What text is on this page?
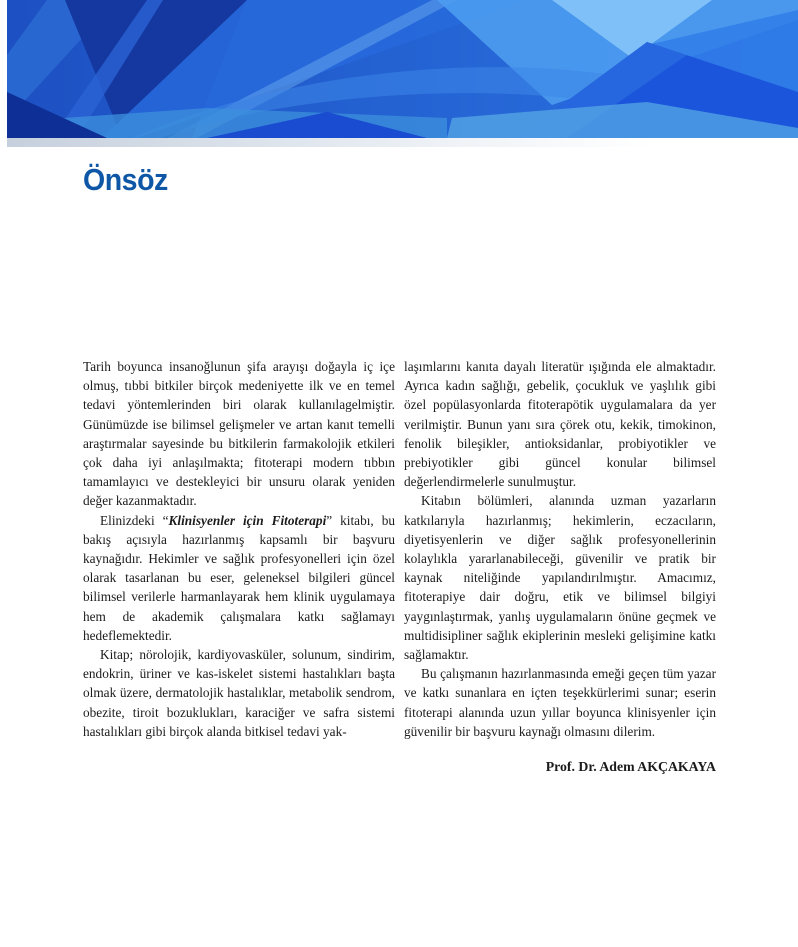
Önsöz

Tarih boyunca insanoğlunun şifa arayışı doğayla iç içe olmuş, tıbbi bitkiler birçok medeniyette ilk ve en temel tedavi yöntemlerinden biri olarak kullanılagelmiştir. Günümüzde ise bilimsel gelişmeler ve artan kanıt temelli araştırmalar sayesinde bu bitkilerin farmakolojik etkileri çok daha iyi anlaşılmakta; fitoterapi modern tıbbın tamamlayıcı ve destekleyici bir unsuru olarak yeniden değer kazanmaktadır.

Elinizdeki “Klinisyenler için Fitoterapi” kitabı, bu bakış açısıyla hazırlanmış kapsamlı bir başvuru kaynağıdır. Hekimler ve sağlık profesyonelleri için özel olarak tasarlanan bu eser, geleneksel bilgileri güncel bilimsel verilerle harmanlayarak hem klinik uygulamaya hem de akademik çalışmalara katkı sağlamayı hedeflemektedir.

Kitap; nörolojik, kardiyovasküler, solunum, sindirim, endokrin, üriner ve kas-iskelet sistemi hastalıkları başta olmak üzere, dermatolojik hastalıklar, metabolik sendrom, obezite, tiroit bozuklukları, karaciğer ve safra sistemi hastalıkları gibi birçok alanda bitkisel tedavi yak-

laşımlarını kanıta dayalı literatür ışığında ele almaktadır. Ayrıca kadın sağlığı, gebelik, çocukluk ve yaşlılık gibi özel popülasyonlarda fitoterapötik uygulamalara da yer verilmiştir. Bunun yanı sıra çörek otu, kekik, timokinon, fenolik bileşikler, antioksidanlar, probiyotikler ve prebiyotikler gibi güncel konular bilimsel değerlendirmelerle sunulmuştur.

Kitabın bölümleri, alanında uzman yazarların katkılarıyla hazırlanmış; hekimlerin, eczacıların, diyetisyenlerin ve diğer sağlık profesyonellerinin kolaylıkla yararlanabileceği, güvenilir ve pratik bir kaynak niteliğinde yapılandırılmıştır. Amacımız, fitoterapiye dair doğru, etik ve bilimsel bilgiyi yaygınlaştırmak, yanlış uygulamaların önüne geçmek ve multidisipliner sağlık ekiplerinin mesleki gelişimine katkı sağlamaktır.

Bu çalışmanın hazırlanmasında emeği geçen tüm yazar ve katkı sunanlara en içten teşekkürlerimi sunar; eserin fitoterapi alanında uzun yıllar boyunca klinisyenler için güvenilir bir başvuru kaynağı olmasını dilerim.

Prof. Dr. Adem AKÇAKAYA
